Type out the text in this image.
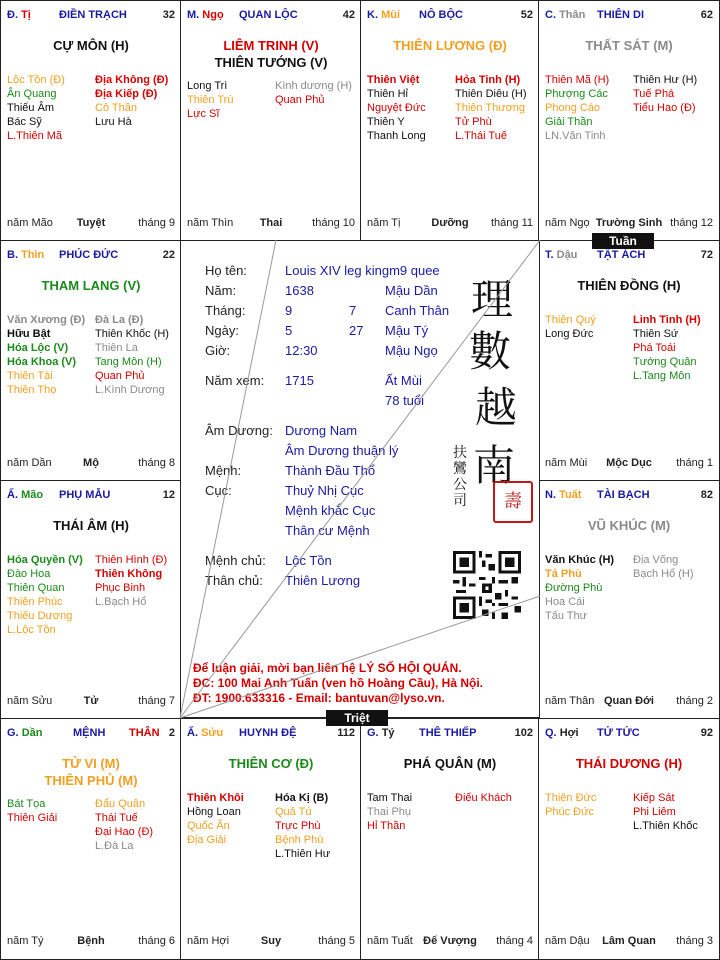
Đ. Tị	ĐIỀN TRẠCH	32
CỰ MÔN (H)
Lộc Tồn (Đ)
Ân Quang
Thiếu Âm
Bác Sỹ
L.Thiên Mã
Địa Không (Đ)
Địa Kiếp (Đ)
Cô Thần
Lưu Hà
năm Mão	Tuyệt	tháng 9
M. Ngọ QUAN LỘC	42
LIÊM TRINH (V)
THIÊN TƯỚNG (V)
Long Trì
Thiên Trù
Lực Sĩ
Kình dương (H)
Quan Phủ
năm Thìn	Thai	tháng 10
K. Mùi NÔ BỘC	52
THIÊN LƯƠNG (Đ)
Thiên Việt
Thiên Hỉ
Nguyệt Đức
Thiên Y
Thanh Long
Hỏa Tinh (H)
Thiên Diêu (H)
Thiên Thương
Tử Phù
L.Thái Tuế
năm Tị	Dưỡng	tháng 11
C. Thân THIÊN DI	62
THẤT SÁT (M)
Thiên Mã (H)
Phượng Các
Phong Cáo
Giải Thần
LN.Văn Tinh
Thiên Hư (H)
Tuế Phá
Tiểu Hao (Đ)
năm Ngọ Trường Sinh tháng 12
B. Thìn PHÚC ĐỨC	22
THAM LANG (V)
Văn Xương (Đ)
Hữu Bật
Hóa Lộc (V)
Hóa Khoa (V)
Thiên Tài
Thiên Thọ
Đà La (Đ)
Thiên Khốc (H)
Thiên La
Tang Môn (H)
Quan Phủ
L.Kình Dương
năm Dần	Mộ	tháng 8
T. Dậu TẬT ÁCH	72
THIÊN ĐỒNG (H)
Thiên Quý
Long Đức
Linh Tinh (H)
Thiên Sứ
Phá Toái
Tướng Quân
L.Tang Môn
năm Mùi	Mộc Dục	tháng 1
Ấ. Mão PHỤ MẪU	12
THÁI ÂM (H)
Hóa Quyền (V)
Đào Hoa
Thiên Quan
Thiên Phúc
Thiếu Dương
L.Lộc Tồn
Thiên Hình (Đ)
Thiên Không
Phục Binh
L.Bạch Hổ
năm Sửu	Tử	tháng 7
N. Tuất TÀI BẠCH	82
VŨ KHÚC (M)
Văn Khúc (H)
Tả Phù
Đường Phù
Hoa Cái
Tấu Thư
Địa Võng
Bạch Hổ (H)
năm Thân Quan Đới	tháng 2
G. Dần	MỆNH THÂN 2
TỬ VI (M)
THIÊN PHỦ (M)
Bát Tọa
Thiên Giải
Đẩu Quân
Thái Tuế
Đại Hao (Đ)
L.Đà La
năm Tý	Bệnh	tháng 6
Ấ. Sửu HUYNH ĐỆ	112
THIÊN CƠ (Đ)
Thiên Khôi
Hồng Loan
Quốc Ấn
Địa Giải
Hóa Kị (B)
Quả Tú
Trực Phù
Bệnh Phù
L.Thiên Hư
năm Hợi	Suy	tháng 5
G. Tý THÊ THIẾP	102
PHÁ QUÂN (M)
Tam Thai
Thai Phụ
Hỉ Thần
Điếu Khách
năm Tuất Đế Vượng	tháng 4
Q. Hợi TỬ TỨC	92
THÁI DƯƠNG (H)
Thiên Đức
Phúc Đức
Kiếp Sát
Phi Liêm
L.Thiên Khốc
năm Dậu	Lâm Quan	tháng 3
Họ tên:	Louis XIV leg kingm9 quee
Năm:	1638	Mậu Dần
Tháng:	9	7 Canh Thân
Ngày:	5	27 Mậu Tý
Giờ:	12:30	Mậu Ngọ
Năm xem: 1715	Ất Mùi
78 tuổi
Âm Dương: Dương Nam
Âm Dương thuận lý
Mệnh:	Thành Đầu Thổ
Cục:	Thuỷ Nhị Cục
Mệnh khắc Cục
Thân cư Mệnh
Mệnh chủ: Lộc Tồn
Thân chủ: Thiên Lương
理
數
越
南
壽
扶
鸞
公
司
Để luận giải, mời bạn liên hệ LÝ SỐ HỘI QUÁN.
ĐC: 100 Mai Anh Tuấn (ven hồ Hoàng Cầu), Hà Nội.
ĐT: 1900.633316 - Email: bantuvan@lyso.vn.
Tuần
Triệt
